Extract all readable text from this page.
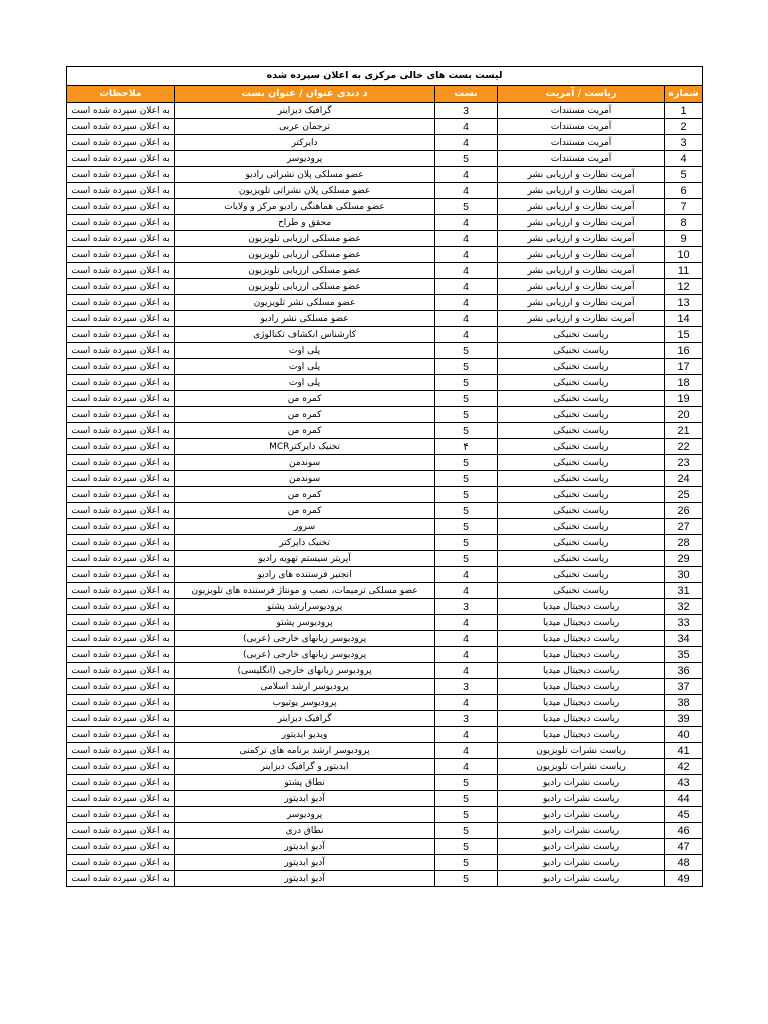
لیست بست های خالی مرکزی به اعلان سپرده شده				
شماره	ریاست / آمریت	بست	د دندی عنوان / عنوان بست	ملاحظات
1	آمریت مستندات	3	گرافیک دیزاینر	به اعلان سپرده شده است
2	آمریت مستندات	4	ترجمان عربی	به اعلان سپرده شده است
3	آمریت مستندات	4	دایرکتر	به اعلان سپرده شده است
4	آمریت مستندات	5	پرودیوسر	به اعلان سپرده شده است
5	آمریت نظارت و ارزیابی نشر	4	عضو مسلکی پلان نشراتی رادیو	به اعلان سپرده شده است
6	آمریت نظارت و ارزیابی نشر	4	عضو مسلکی پلان نشراتی تلویزیون	به اعلان سپرده شده است
7	آمریت نظارت و ارزیابی نشر	5	عضو مسلکی هماهنگی رادیو مرکز و ولایات	به اعلان سپرده شده است
8	آمریت نظارت و ارزیابی نشر	4	محقق و طراح	به اعلان سپرده شده است
9	آمریت نظارت و ارزیابی نشر	4	عضو مسلکی ارزیابی تلویزیون	به اعلان سپرده شده است
10	آمریت نظارت و ارزیابی نشر	4	عضو مسلکی ارزیابی تلویزیون	به اعلان سپرده شده است
11	آمریت نظارت و ارزیابی نشر	4	عضو مسلکی ارزیابی تلویزیون	به اعلان سپرده شده است
12	آمریت نظارت و ارزیابی نشر	4	عضو مسلکی ارزیابی تلویزیون	به اعلان سپرده شده است
13	آمریت نظارت و ارزیابی نشر	4	عضو مسلکی نشر تلویزیون	به اعلان سپرده شده است
14	آمریت نظارت و ارزیابی نشر	4	عضو مسلکی نشر رادیو	به اعلان سپرده شده است
15	ریاست تخنیکی	4	کارشناس انکشاف تکنالوژی	به اعلان سپرده شده است
16	ریاست تخنیکی	5	پلی اوت	به اعلان سپرده شده است
17	ریاست تخنیکی	5	پلی اوت	به اعلان سپرده شده است
18	ریاست تخنیکی	5	پلی اوت	به اعلان سپرده شده است
19	ریاست تخنیکی	5	کمره من	به اعلان سپرده شده است
20	ریاست تخنیکی	5	کمره من	به اعلان سپرده شده است
21	ریاست تخنیکی	5	کمره من	به اعلان سپرده شده است
22	ریاست تخنیکی	۴	تخنیک دایرکترMCR	به اعلان سپرده شده است
23	ریاست تخنیکی	5	سوندمن	به اعلان سپرده شده است
24	ریاست تخنیکی	5	سوندمن	به اعلان سپرده شده است
25	ریاست تخنیکی	5	کمره من	به اعلان سپرده شده است
26	ریاست تخنیکی	5	کمره من	به اعلان سپرده شده است
27	ریاست تخنیکی	5	سرور	به اعلان سپرده شده است
28	ریاست تخنیکی	5	تخنیک دایرکتر	به اعلان سپرده شده است
29	ریاست تخنیکی	5	آپریتر سیستم تهویه رادیو	به اعلان سپرده شده است
30	ریاست تخنیکی	4	انجنیر فرستنده های رادیو	به اعلان سپرده شده است
31	ریاست تخنیکی	4	عضو مسلکی ترمیمات، نصب و مونتاژ فرستنده های تلویزیون	به اعلان سپرده شده است
32	ریاست دیجیتال میدیا	3	پرودیوسرارشد پشتو	به اعلان سپرده شده است
33	ریاست دیجیتال میدیا	4	پرودیوسر پشتو	به اعلان سپرده شده است
34	ریاست دیجیتال میدیا	4	پرودیوسر زبانهای خارجی (عربی)	به اعلان سپرده شده است
35	ریاست دیجیتال میدیا	4	پرودیوسر زبانهای خارجی (عربی)	به اعلان سپرده شده است
36	ریاست دیجیتال میدیا	4	پرودیوسر زبانهای خارجی (انگلیسی)	به اعلان سپرده شده است
37	ریاست دیجیتال میدیا	3	پرودیوسر ارشد اسلامی	به اعلان سپرده شده است
38	ریاست دیجیتال میدیا	4	پرودیوسر یوتیوب	به اعلان سپرده شده است
39	ریاست دیجیتال میدیا	3	گرافیک دیزاینر	به اعلان سپرده شده است
40	ریاست دیجیتال میدیا	4	ویدیو ایدیتور	به اعلان سپرده شده است
41	ریاست نشرات تلویزیون	4	پرودیوسر ارشد برنامه های ترکمنی	به اعلان سپرده شده است
42	ریاست نشرات تلویزیون	4	ایدیتور و گرافیک دیزاینر	به اعلان سپرده شده است
43	ریاست نشرات رادیو	5	نطاق پشتو	به اعلان سپرده شده است
44	ریاست نشرات رادیو	5	آدیو ایدیتور	به اعلان سپرده شده است
45	ریاست نشرات رادیو	5	پرودیوسر	به اعلان سپرده شده است
46	ریاست نشرات رادیو	5	نطاق دری	به اعلان سپرده شده است
47	ریاست نشرات رادیو	5	آدیو ایدیتور	به اعلان سپرده شده است
48	ریاست نشرات رادیو	5	آدیو ایدیتور	به اعلان سپرده شده است
49	ریاست نشرات رادیو	5	آدیو ایدیتور	به اعلان سپرده شده است
